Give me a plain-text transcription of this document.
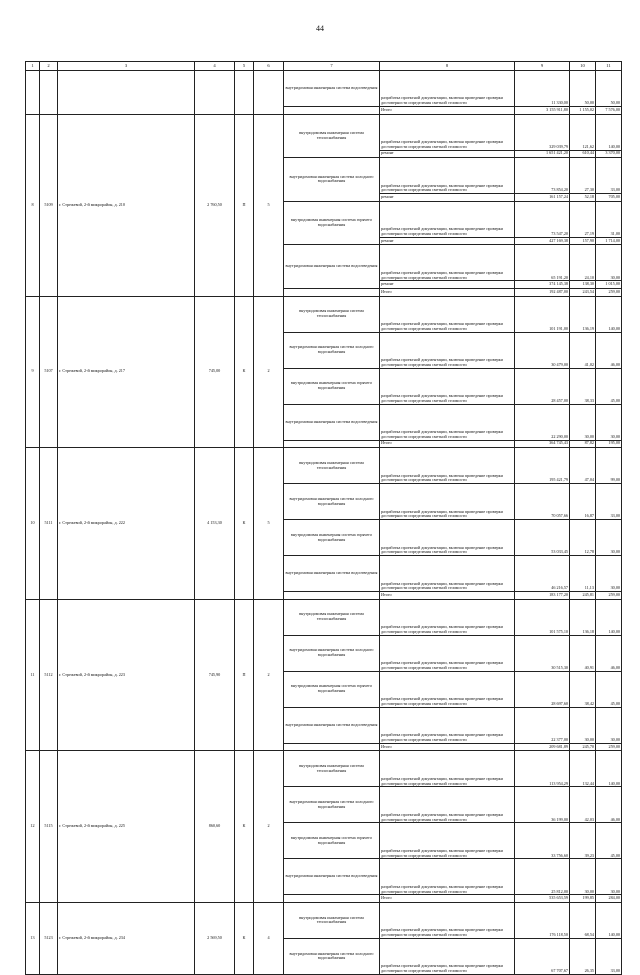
44
1	2	3	4	5	6	7	8	9	10	11
						внутридомовая инженерная система водоотведения	разработка проектной документации, включая проведение проверки достоверности определения сметной стоимости	11 330,00	50,00	50,00
							Итого	3 155 911,80	1 155,02	7 576,00
8	5109	г. Стрежевой, 2-й микрорайон, д. 210	2 760,50	П	5	внутридомовая инженерная система теплоснабжения	разработка проектной документации, включая проведение проверки достоверности определения сметной стоимости	329 039,79	121,62	140,00
							ремонт	1 651 421,20	610,44	3 370,00
						внутридомовая инженерная система холодного водоснабжения	разработка проектной документации, включая проведение проверки достоверности определения сметной стоимости	73 854,20	27,30	33,00
							ремонт	161 157,24	52,18	705,00
						внутридомовая инженерная система горячего водоснабжения	разработка проектной документации, включая проведение проверки достоверности определения сметной стоимости	73 547,20	27,19	31,00
							ремонт	427 169,38	157,90	1 714,00
						внутридомовая инженерная система водоотведения	разработка проектной документации, включая проведение проверки достоверности определения сметной стоимости	65 191,20	24,10	30,00
							ремонт	374 145,38	138,30	1 015,00
							Итого	192 487,00	243,54	259,00
9	5107	г. Стрежевой, 2-й микрорайон, д. 217	745,00	К	2	внутридомовая инженерная система теплоснабжения	разработка проектной документации, включая проведение проверки достоверности определения сметной стоимости	101 191,00	136,19	140,00
						внутридомовая инженерная система холодного водоснабжения	разработка проектной документации, включая проведение проверки достоверности определения сметной стоимости	30 479,00	41,02	46,00
						внутридомовая инженерная система горячего водоснабжения	разработка проектной документации, включая проведение проверки достоверности определения сметной стоимости	28 457,00	38,33	45,00
						внутридомовая инженерная система водоотведения	разработка проектной документации, включая проведение проверки достоверности определения сметной стоимости	22 290,00	30,00	30,00
							Итого	364 745,43	87,82	195,00
10	5111	г. Стрежевой, 2-й микрорайон, д. 222	4 153,30	К	5	внутридомовая инженерная система теплоснабжения	разработка проектной документации, включая проведение проверки достоверности определения сметной стоимости	195 421,79	47,04	99,00
						внутридомовая инженерная система холодного водоснабжения	разработка проектной документации, включая проведение проверки достоверности определения сметной стоимости	70 057,66	16,87	33,00
						внутридомовая инженерная система горячего водоснабжения	разработка проектной документации, включая проведение проверки достоверности определения сметной стоимости	53 033,45	12,78	30,00
						внутридомовая инженерная система водоотведения	разработка проектной документации, включая проведение проверки достоверности определения сметной стоимости	46 216,57	11,13	30,00
							Итого	183 177,20	245,81	259,00
11	5112	г. Стрежевой, 2-й микрорайон, д. 223	745,90	П	2	внутридомовая инженерная система теплоснабжения	разработка проектной документации, включая проведение проверки достоверности определения сметной стоимости	101 575,10	136,18	140,00
						внутридомовая инженерная система холодного водоснабжения	разработка проектной документации, включая проведение проверки достоверности определения сметной стоимости	30 515,30	40,91	46,00
						внутридомовая инженерная система горячего водоснабжения	разработка проектной документации, включая проведение проверки достоверности определения сметной стоимости	28 697,60	38,42	45,00
						внутридомовая инженерная система водоотведения	разработка проектной документации, включая проведение проверки достоверности определения сметной стоимости	22 377,00	30,00	30,00
							Итого	209 681,89	245,70	259,00
12	5115	г. Стрежевой, 2-й микрорайон, д. 225	860,60	К	2	внутридомовая инженерная система теплоснабжения	разработка проектной документации, включая проведение проверки достоверности определения сметной стоимости	113 954,29	132,44	140,00
						внутридомовая инженерная система холодного водоснабжения	разработка проектной документации, включая проведение проверки достоверности определения сметной стоимости	36 199,00	42,03	46,00
						внутридомовая инженерная система горячего водоснабжения	разработка проектной документации, включая проведение проверки достоверности определения сметной стоимости	33 756,60	39,23	45,00
						внутридомовая инженерная система водоотведения	разработка проектной документации, включая проведение проверки достоверности определения сметной стоимости	25 812,00	30,00	30,00
							Итого	535 653,59	199,85	284,00
13	5123	г. Стрежевой, 2-й микрорайон, д. 234	2 569,50	К	4	внутридомовая инженерная система теплоснабжения	разработка проектной документации, включая проведение проверки достоверности определения сметной стоимости	176 118,50	68,54	140,00
						внутридомовая инженерная система холодного водоснабжения	разработка проектной документации, включая проведение проверки достоверности определения сметной стоимости	67 707,67	26,35	33,00
